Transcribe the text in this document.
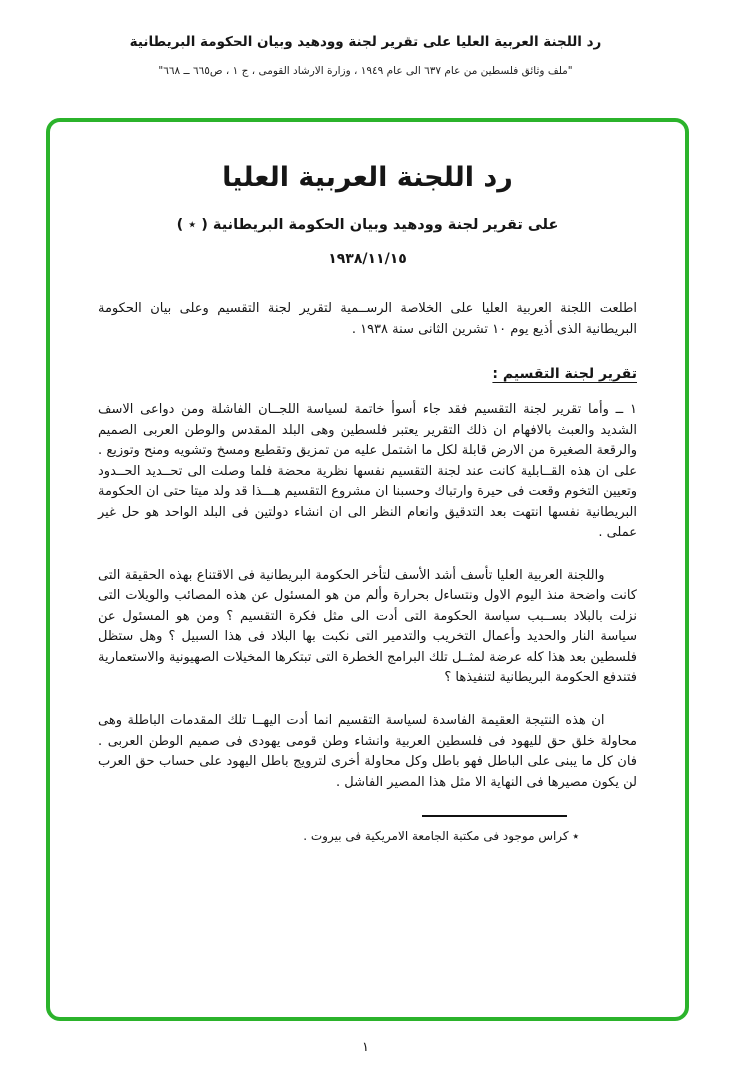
رد اللجنة العربية العليا على تقرير لجنة وودهيد وبيان الحكومة البريطانية
"ملف وثائق فلسطين من عام ٦٣٧ الى عام ١٩٤٩ ، وزارة الارشاد القومى ، ج ١ ، ص٦٦٥ ــ ٦٦٨"
رد اللجنة العربية العليا
على تقرير لجنة وودهيد وبيان الحكومة البريطانية ( ٭ )
١٩٣٨/١١/١٥

اطلعت اللجنة العربية العليا على الخلاصة الرســمية لتقرير لجنة التقسيم وعلى بيان الحكومة البريطانية الذى أذيع يوم ١٠ تشرين الثانى سنة ١٩٣٨ .

تقرير لجنة التقسيم :

١ ــ وأما تقرير لجنة التقسيم فقد جاء أسوأ خاتمة لسياسة اللجــان الفاشلة ومن دواعى الاسف الشديد والعبث بالافهام ان ذلك التقرير يعتبر فلسطين وهى البلد المقدس والوطن العربى الصميم والرقعة الصغيرة من الارض قابلة لكل ما اشتمل عليه من تمزيق وتقطيع ومسخ وتشويه ومنح وتوزيع . على ان هذه القــابلية كانت عند لجنة التقسيم نفسها نظرية محضة فلما وصلت الى تحــديد الحــدود وتعيين التخوم وقعت فى حيرة وارتباك وحسبنا ان مشروع التقسيم هـــذا قد ولد ميتا حتى ان الحكومة البريطانية نفسها انتهت بعد التدقيق وانعام النظر الى ان انشاء دولتين فى البلد الواحد هو حل غير عملى .

واللجنة العربية العليا تأسف أشد الأسف لتأخر الحكومة البريطانية فى الاقتناع بهذه الحقيقة التى كانت واضحة منذ اليوم الاول ونتساءل بحرارة وألم من هو المسئول عن هذه المصائب والويلات التى نزلت بالبلاد بســبب سياسة الحكومة التى أدت الى مثل فكرة التقسيم ؟ ومن هو المسئول عن سياسة النار والحديد وأعمال التخريب والتدمير التى نكبت بها البلاد فى هذا السبيل ؟ وهل ستظل فلسطين بعد هذا كله عرضة لمثــل تلك البرامج الخطرة التى تبتكرها المخيلات الصهيونية والاستعمارية فتندفع الحكومة البريطانية لتنفيذها ؟

ان هذه النتيجة العقيمة الفاسدة لسياسة التقسيم انما أدت اليهــا تلك المقدمات الباطلة وهى محاولة خلق حق لليهود فى فلسطين العربية وانشاء وطن قومى يهودى فى صميم الوطن العربى . فان كل ما يبنى على الباطل فهو باطل وكل محاولة أخرى لترويج باطل اليهود على حساب حق العرب لن يكون مصيرها فى النهاية الا مثل هذا المصير الفاشل .

٭ كراس موجود فى مكتبة الجامعة الامريكية فى بيروت .

١
